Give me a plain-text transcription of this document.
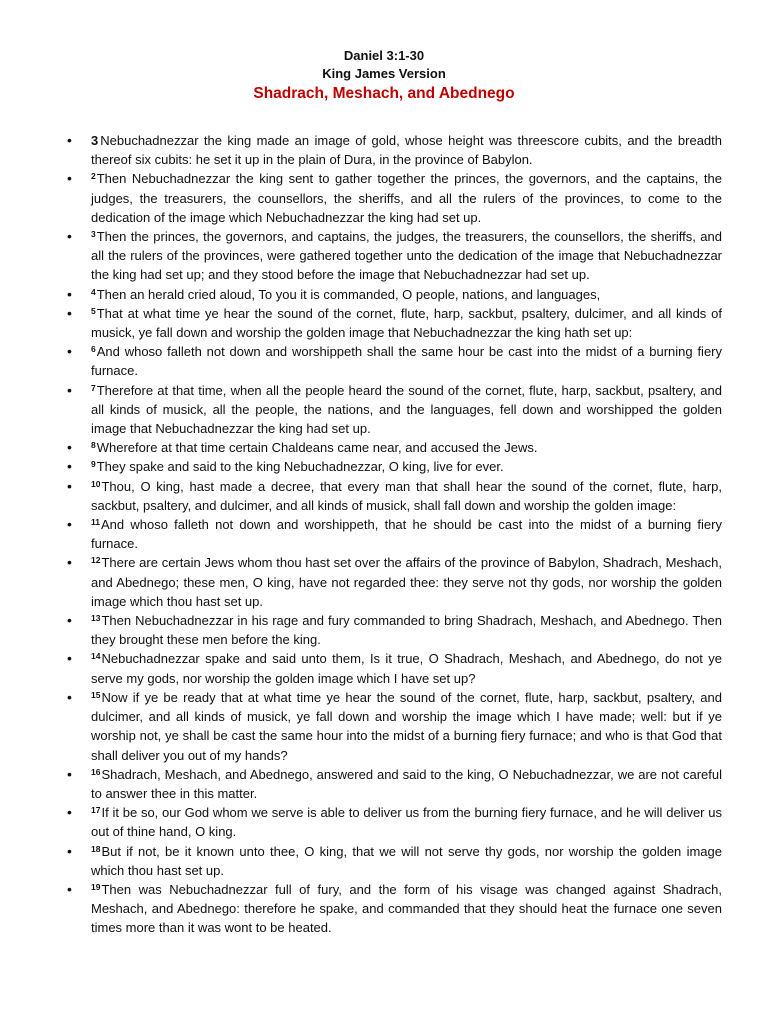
Daniel 3:1-30

King James Version

Shadrach, Meshach, and Abednego

• 3 Nebuchadnezzar the king made an image of gold, whose height was threescore cubits, and the breadth thereof six cubits: he set it up in the plain of Dura, in the province of Babylon.
• $^2$Then Nebuchadnezzar the king sent to gather together the princes, the governors, and the captains, the judges, the treasurers, the counsellors, the sheriffs, and all the rulers of the provinces, to come to the dedication of the image which Nebuchadnezzar the king had set up.
• $^3$Then the princes, the governors, and captains, the judges, the treasurers, the counsellors, the sheriffs, and all the rulers of the provinces, were gathered together unto the dedication of the image that Nebuchadnezzar the king had set up; and they stood before the image that Nebuchadnezzar had set up.
• $^4$Then an herald cried aloud, To you it is commanded, O people, nations, and languages,
• $^5$That at what time ye hear the sound of the cornet, flute, harp, sackbut, psaltery, dulcimer, and all kinds of musick, ye fall down and worship the golden image that Nebuchadnezzar the king hath set up:
• $^6$And whoso falleth not down and worshippeth shall the same hour be cast into the midst of a burning fiery furnace.
• $^7$Therefore at that time, when all the people heard the sound of the cornet, flute, harp, sackbut, psaltery, and all kinds of musick, all the people, the nations, and the languages, fell down and worshipped the golden image that Nebuchadnezzar the king had set up.
• $^8$Wherefore at that time certain Chaldeans came near, and accused the Jews.
• $^9$They spake and said to the king Nebuchadnezzar, O king, live for ever.
• $^{10}$Thou, O king, hast made a decree, that every man that shall hear the sound of the cornet, flute, harp, sackbut, psaltery, and dulcimer, and all kinds of musick, shall fall down and worship the golden image:
• $^{11}$And whoso falleth not down and worshippeth, that he should be cast into the midst of a burning fiery furnace.
• $^{12}$There are certain Jews whom thou hast set over the affairs of the province of Babylon, Shadrach, Meshach, and Abednego; these men, O king, have not regarded thee: they serve not thy gods, nor worship the golden image which thou hast set up.
• $^{13}$Then Nebuchadnezzar in his rage and fury commanded to bring Shadrach, Meshach, and Abednego. Then they brought these men before the king.
• $^{14}$Nebuchadnezzar spake and said unto them, Is it true, O Shadrach, Meshach, and Abednego, do not ye serve my gods, nor worship the golden image which I have set up?
• $^{15}$Now if ye be ready that at what time ye hear the sound of the cornet, flute, harp, sackbut, psaltery, and dulcimer, and all kinds of musick, ye fall down and worship the image which I have made; well: but if ye worship not, ye shall be cast the same hour into the midst of a burning fiery furnace; and who is that God that shall deliver you out of my hands?
• $^{16}$Shadrach, Meshach, and Abednego, answered and said to the king, O Nebuchadnezzar, we are not careful to answer thee in this matter.
• $^{17}$If it be so, our God whom we serve is able to deliver us from the burning fiery furnace, and he will deliver us out of thine hand, O king.
• $^{18}$But if not, be it known unto thee, O king, that we will not serve thy gods, nor worship the golden image which thou hast set up.
• $^{19}$Then was Nebuchadnezzar full of fury, and the form of his visage was changed against Shadrach, Meshach, and Abednego: therefore he spake, and commanded that they should heat the furnace one seven times more than it was wont to be heated.
